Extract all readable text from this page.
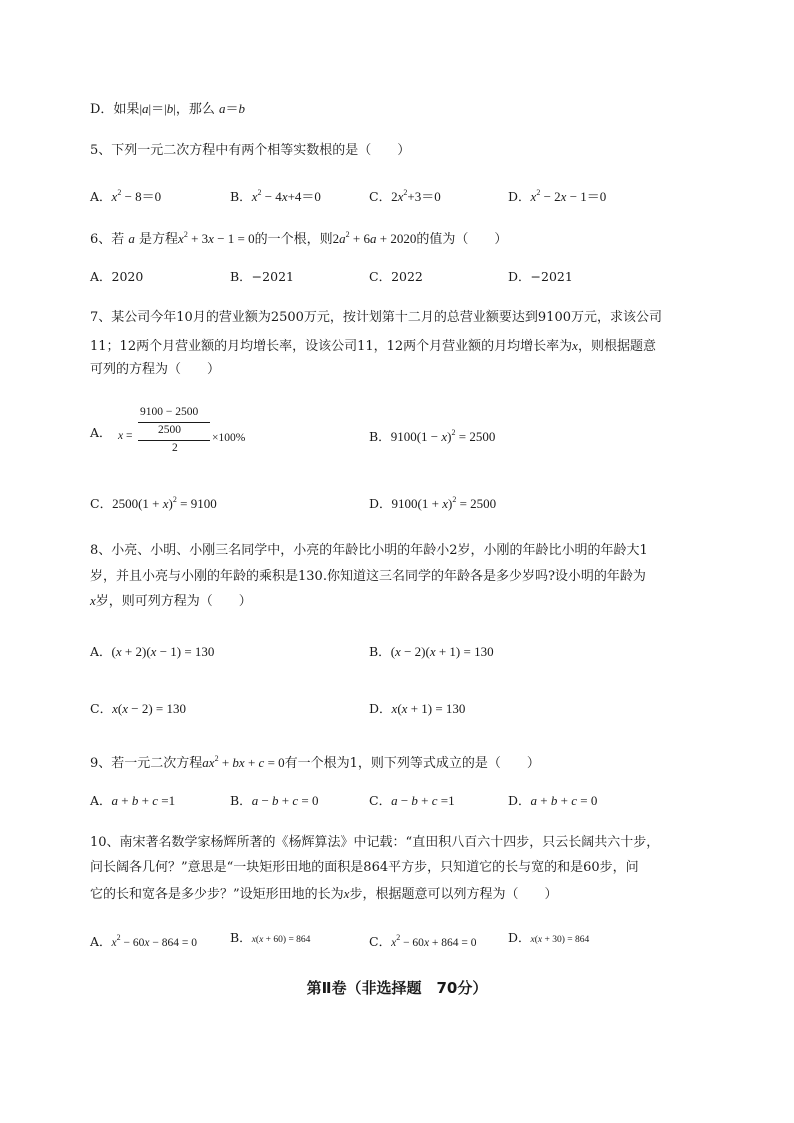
D．如果|a|＝|b|，那么 a＝b
5、下列一元二次方程中有两个相等实数根的是（　　）
A．$x^2 - 8=0$	B．$x^2 - 4x+4=0$	C．$2x^2+3=0$	D．$x^2 - 2x - 1=0$
6、若 a 是方程$x^2 + 3x - 1 = 0$的一个根，则$2a^2 + 6a + 2020$的值为（　　）
A．2020	B．−2021	C．2022	D．−2021
7、某公司今年10月的营业额为2500万元，按计划第十二月的总营业额要达到9100万元，求该公司
11；12两个月营业额的月均增长率，设该公司11，12两个月营业额的月均增长率为x，则根据题意
可列的方程为（　　）
A．
9100 − 2500
2500
x =
2
×100%	B．$9100(1 - x)^2 = 2500$
C．$2500(1 + x)^2 = 9100$	D．$9100(1 + x)^2 = 2500$
8、小亮、小明、小刚三名同学中，小亮的年龄比小明的年龄小2岁，小刚的年龄比小明的年龄大1
岁，并且小亮与小刚的年龄的乘积是130.你知道这三名同学的年龄各是多少岁吗?设小明的年龄为
x岁，则可列方程为（　　）
A．(x + 2)(x − 1) = 130	B．(x − 2)(x + 1) = 130
C．x(x − 2) = 130	D．x(x + 1) = 130
9、若一元二次方程$ax^2$ + bx + c = 0有一个根为1，则下列等式成立的是（　　）
A．a + b + c =1	B．a − b + c = 0	C．a − b + c =1	D．a + b + c = 0
10、南宋著名数学家杨辉所著的《杨辉算法》中记载：“直田积八百六十四步，只云长阔共六十步，
问长阔各几何？”意思是“一块矩形田地的面积是864平方步，只知道它的长与宽的和是60步，问
它的长和宽各是多少步？”设矩形田地的长为x步，根据题意可以列方程为（　　）
A．$x^2 - 60x - 864 = 0$	B．x(x + 60) = 864	C．$x^2 - 60x + 864 = 0$	D．x(x + 30) = 864
第Ⅱ卷（非选择题　70分）
